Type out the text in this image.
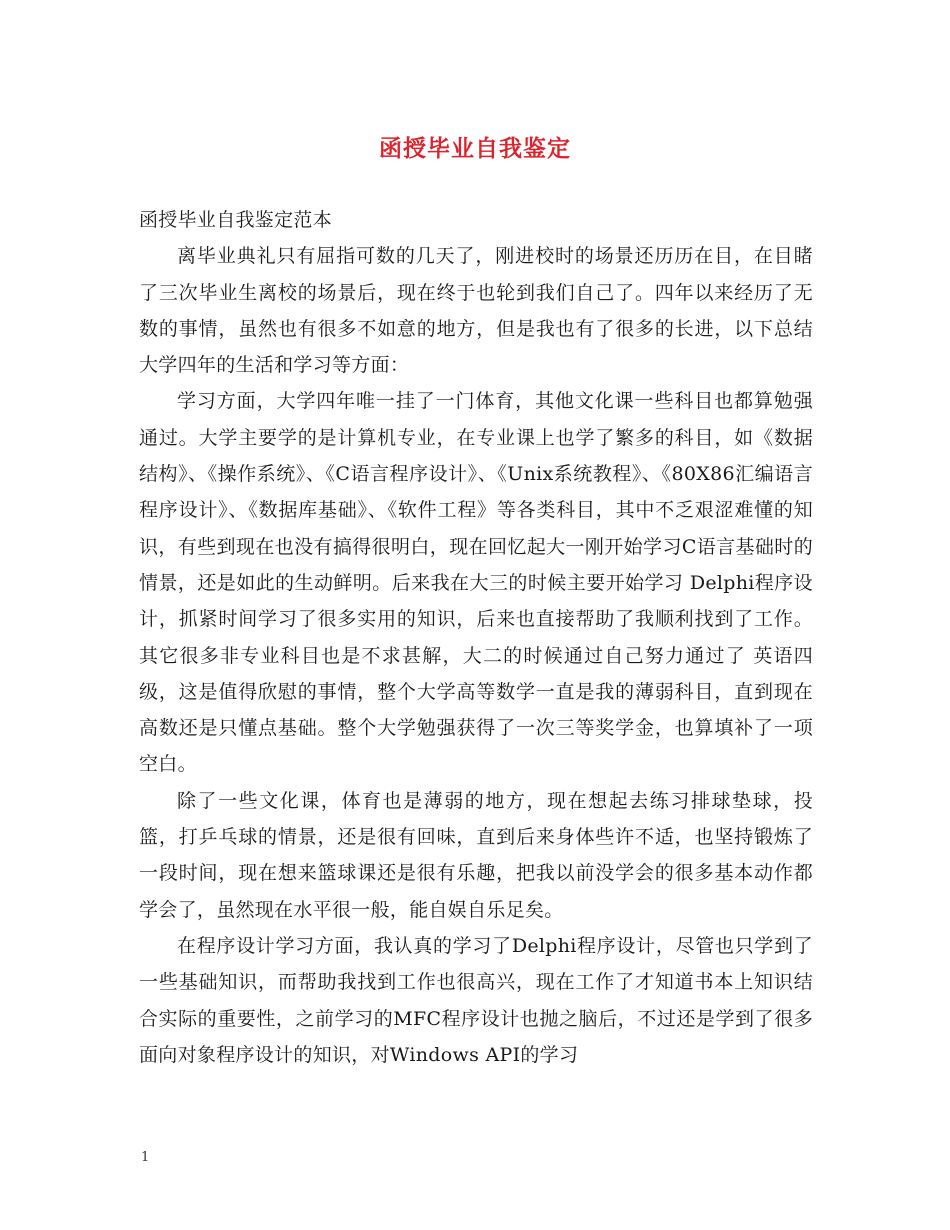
函授毕业自我鉴定

函授毕业自我鉴定范本

离毕业典礼只有屈指可数的几天了，刚进校时的场景还历历在目，在目睹了三次毕业生离校的场景后，现在终于也轮到我们自己了。四年以来经历了无数的事情，虽然也有很多不如意的地方，但是我也有了很多的长进，以下总结大学四年的生活和学习等方面：

学习方面，大学四年唯一挂了一门体育，其他文化课一些科目也都算勉强通过。大学主要学的是计算机专业，在专业课上也学了繁多的科目，如《数据结构》、《操作系统》、《C语言程序设计》、《Unix系统教程》、《80X86汇编语言程序设计》、《数据库基础》、《软件工程》等各类科目，其中不乏艰涩难懂的知识，有些到现在也没有搞得很明白，现在回忆起大一刚开始学习C语言基础时的情景，还是如此的生动鲜明。后来我在大三的时候主要开始学习 Delphi程序设计，抓紧时间学习了很多实用的知识，后来也直接帮助了我顺利找到了工作。其它很多非专业科目也是不求甚解，大二的时候通过自己努力通过了 英语四级，这是值得欣慰的事情，整个大学高等数学一直是我的薄弱科目，直到现在高数还是只懂点基础。整个大学勉强获得了一次三等奖学金，也算填补了一项空白。

除了一些文化课，体育也是薄弱的地方，现在想起去练习排球垫球，投篮，打乒乓球的情景，还是很有回味，直到后来身体些许不适，也坚持锻炼了一段时间，现在想来篮球课还是很有乐趣，把我以前没学会的很多基本动作都学会了，虽然现在水平很一般，能自娱自乐足矣。

在程序设计学习方面，我认真的学习了Delphi程序设计，尽管也只学到了一些基础知识，而帮助我找到工作也很高兴，现在工作了才知道书本上知识结合实际的重要性，之前学习的MFC程序设计也抛之脑后，不过还是学到了很多面向对象程序设计的知识，对Windows API的学习

1
